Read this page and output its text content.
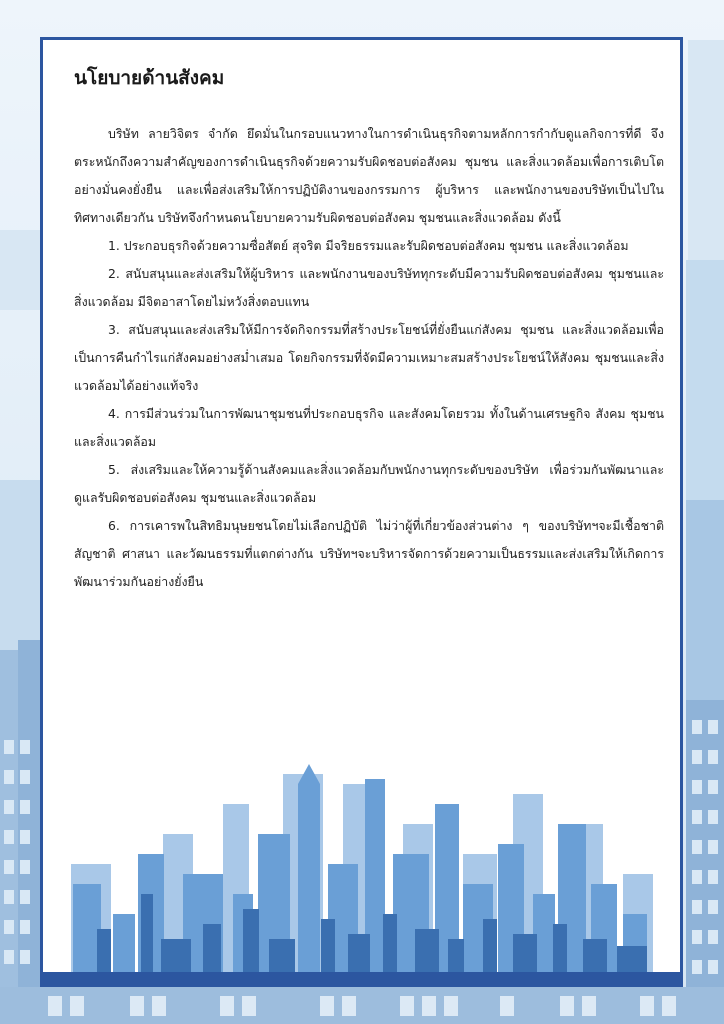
นโยบายด้านสังคม

บริษัท ลายวิจิตร จำกัด ยึดมั่นในกรอบแนวทางในการดำเนินธุรกิจตามหลักการกำกับดูแลกิจการที่ดี จึงตระหนักถึงความสำคัญของการดำเนินธุรกิจด้วยความรับผิดชอบต่อสังคม ชุมชน และสิ่งแวดล้อมเพื่อการเติบโตอย่างมั่นคงยั่งยืน และเพื่อส่งเสริมให้การปฏิบัติงานของกรรมการ ผู้บริหาร และพนักงานของบริษัทเป็นไปในทิศทางเดียวกัน บริษัทจึงกำหนดนโยบายความรับผิดชอบต่อสังคม ชุมชนและสิ่งแวดล้อม ดังนี้

1. ประกอบธุรกิจด้วยความซื่อสัตย์ สุจริต มีจริยธรรมและรับผิดชอบต่อสังคม ชุมชน และสิ่งแวดล้อม

2. สนับสนุนและส่งเสริมให้ผู้บริหาร และพนักงานของบริษัททุกระดับมีความรับผิดชอบต่อสังคม ชุมชนและสิ่งแวดล้อม มีจิตอาสาโดยไม่หวังสิ่งตอบแทน

3. สนับสนุนและส่งเสริมให้มีการจัดกิจกรรมที่สร้างประโยชน์ที่ยั่งยืนแก่สังคม ชุมชน และสิ่งแวดล้อมเพื่อเป็นการคืนกำไรแก่สังคมอย่างสม่ำเสมอ โดยกิจกรรมที่จัดมีความเหมาะสมสร้างประโยชน์ให้สังคม ชุมชนและสิ่งแวดล้อมได้อย่างแท้จริง

4. การมีส่วนร่วมในการพัฒนาชุมชนที่ประกอบธุรกิจ และสังคมโดยรวม ทั้งในด้านเศรษฐกิจ สังคม ชุมชน และสิ่งแวดล้อม

5. ส่งเสริมและให้ความรู้ด้านสังคมและสิ่งแวดล้อมกับพนักงานทุกระดับของบริษัท เพื่อร่วมกันพัฒนาและดูแลรับผิดชอบต่อสังคม ชุมชนและสิ่งแวดล้อม

6. การเคารพในสิทธิมนุษยชนโดยไม่เลือกปฏิบัติ ไม่ว่าผู้ที่เกี่ยวข้องส่วนต่าง ๆ ของบริษัทฯจะมีเชื้อชาติ สัญชาติ ศาสนา และวัฒนธรรมที่แตกต่างกัน บริษัทฯจะบริหารจัดการด้วยความเป็นธรรมและส่งเสริมให้เกิดการพัฒนาร่วมกันอย่างยั่งยืน
